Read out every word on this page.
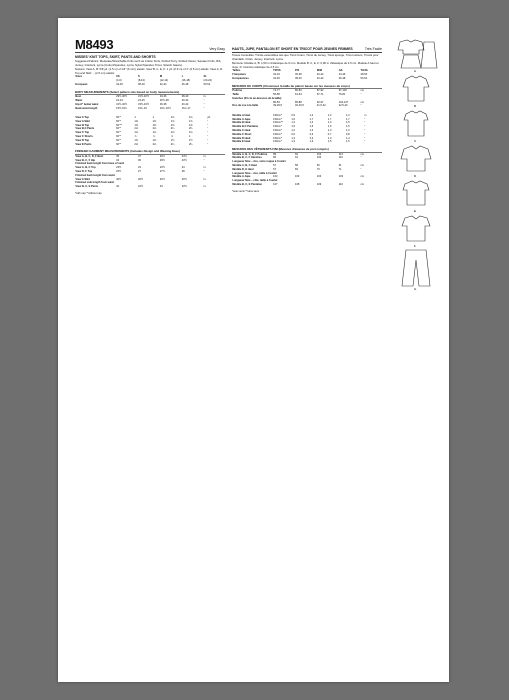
M8493	Very Easy
MISSES' KNIT TOPS, SKIRT, PANTS AND SHORTS
Suggested Fabrics: Moderate/Stretchable Knits such as Cotton Knits, Knitted Terry, Knitted Velour, Sweater Knits, Rib, Jersey, Interlock, Lycra (Cotton/Spandex, Lycra, Nylon/Spandex Tricot, Stretch Gauze).
Notions: View A, B: 5/8 yd. (1.5 m) of 1/4" (6 mm) elastic. View B, C, E, F: 1 yd. (0.9 m) of 1" (2.5 cm) elastic. View A, D: Top and Skirt: ...(2.5 cm) elastic.
Sizes	XS	S	M	L	XL
	(4-6)	(8-10)	(12-14)	(16-18)	(20-22)
European	34-36	38-40	42-44	46-48	50-52
BODY MEASUREMENTS (Select pattern size based on body measurements)
Bust	29½-30½	31½-32½	34-36	38-40	in.
Waist	22-23	24-25	26½-28	30-32	"
Hip-9" below waist	31½-32½	33½-34½	36-38	40-42	"
Back waist length	15½-15¾	15¾-16	16¼-16½	16¾-17	"
View A Top	60"*	1	1	1⅛	1⅛	yd.
View A Skirt	60"*	1⅜	1⅜	1⅝	1⅝	"
View B Top	60"**	1⅜	1⅜	1⅜	1⅜	"
View B,C Pants	60"*	2⅛	2⅛	2¼	2¼	"
View C Top	60"*	1⅛	1⅛	1⅛	1⅛	"
View C Shorts	60"*	⅞	⅞	⅞	1	"
View D Top	60"*	1⅜	1⅜	1½	1½	"
View E Pants	60"*	2⅛	2⅛	2¼	2¼	"
FINISHED GARMENT MEASUREMENTS (Includes Design and Wearing Ease)
View A, B, C, D, F Bust	35	37	40½	44½	in.
View B, C, F Hip	34	36	39½	43½	"
Finished back length from base of neck					
View A, B, C Top	23½	23	23½	24	in.
View D, F Top	26½	27	27½	28	"
Finished back length from waist					
View A Skirt	40½	40½	40½	40½	in.
Finished side length from waist					
View B, C, E Pants	42	42½	43	43½	in.
*with nap **without nap
HAUTS, JUPE, PANTALON ET SHORT EN TRICOT POUR JEUNES FEMMES	Très Facile
Tissus Conseillés: Tricots extensibles tels que Tricot Coton, Tricot de Jersey, Tricot éponge, Tricot velours, Tricots pour chandails, Côtes, Jersey, Interlock, Lycra.
Mercerie: Modèle A, B: 1,50 m d'élastique de 6 mm. Modèle B, C, E, F: 0,90 m d'élastique de 2,5 cm. Modèle A haut et Jupe, D: Ceinture élastique de 2,5 cm.
Tailles	TP/XS	P/S	M/M	G/L	TG/XL
Françaises	32-34	36-38	40-42	44-46	48-50
Européennes	34-36	38-40	42-44	46-48	50-52
MESURES DU CORPS (Choisissez la taille du patron basée sur les mesures du corps)
Poitrine	74-77	80-83	87-92	97-102	cm
Taille	56-58	61-64	67-71	76-81	"
Hanches (23 cm au-dessous de la taille)					
	80-83	85-88	92-97	102-107	cm
Dos de cou à la taille	39-39,5	40-40,5	41,5-42	42,5-43	"
Modèle A Haut	150cm*	0,9	1,2	1,2	1,3	m
Modèle A Jupe	150cm*	1,6	1,7	1,7	1,7	"
Modèle B Haut	150cm**	1,4	1,4	1,4	1,5	"
Modèle B,C Pantalon	150cm*	1,5	1,5	1,5	1,5	"
Modèle C Haut	150cm*	1,2	1,2	1,3	1,3	"
Modèle C Short	150cm*	0,6	0,6	0,7	0,8	"
Modèle D Haut	150cm*	1,3	1,3	1,3	1,4	"
Modèle E Haut	150cm*	1,3	1,3	1,5	1,5	"
MESURES DES VÊTEMENTS FINI (Mesures d'aisance de port compris)
Modèle A, B, C, D, F Poitrine	89	94	103	113	cm
Modèle B, C, F Hanches	86	91	100	110	"
Longueur finie – dos, votre nuque à l'ourlet					
Modèle A, B, C Haut	57	58	60	61	cm
Modèle D, E Haut	67	69	70	71	"
Longueur finie – dos, taille à l'ourlet					
Modèle A Jupe	103	103	103	103	cm
Longueur finie – côté, taille à l'ourlet					
Modèle B, C, E Pantalon	107	108	109	110	cm
*avec sens **sans sens
A
B
C
D
E
F
G
